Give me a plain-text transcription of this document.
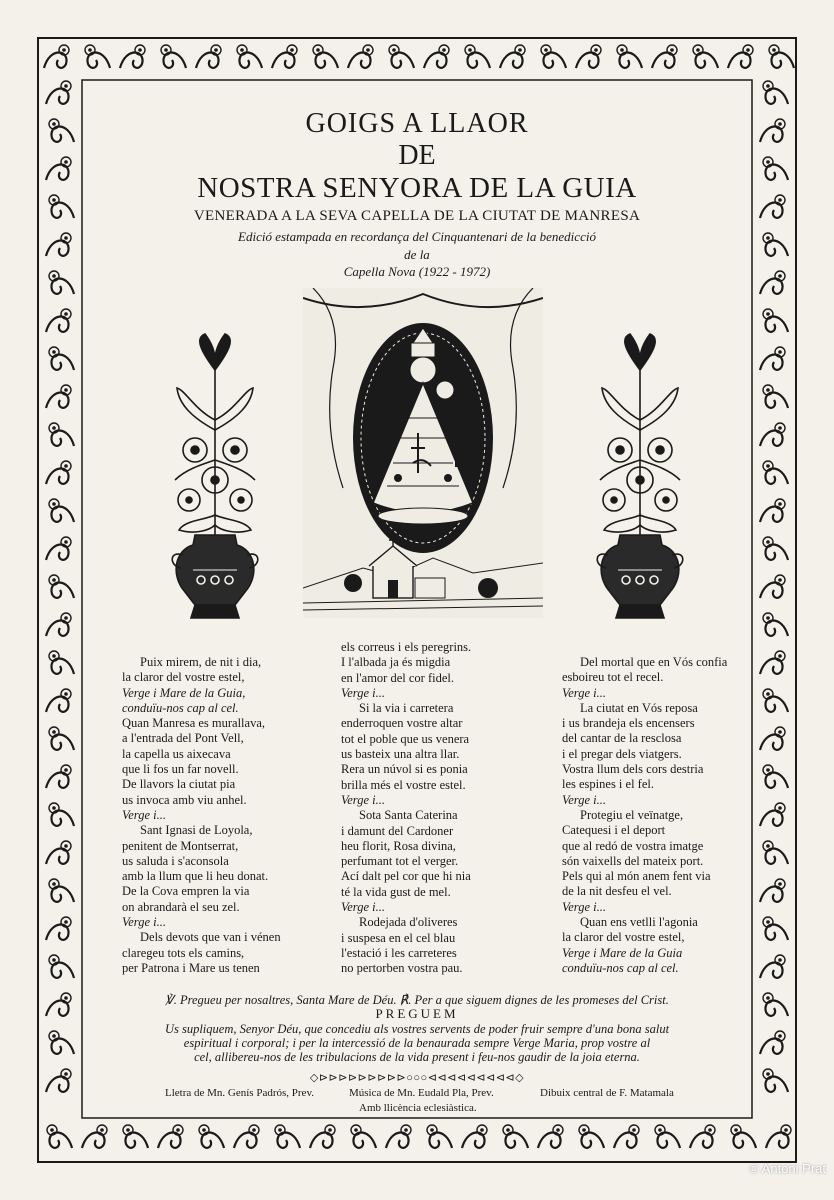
GOIGS A LLAOR
DE
NOSTRA SENYORA DE LA GUIA
VENERADA A LA SEVA CAPELLA DE LA CIUTAT DE MANRESA
Edició estampada en recordança del Cinquantenari de la benedicció
de la
Capella Nova (1922 - 1972)
Puix mirem, de nit i dia,
la claror del vostre estel,
Verge i Mare de la Guia,
conduïu-nos cap al cel.
Quan Manresa es murallava,
a l'entrada del Pont Vell,
la capella us aixecava
que li fos un far novell.
De llavors la ciutat pia
us invoca amb viu anhel.
Verge i...
Sant Ignasi de Loyola,
penitent de Montserrat,
us saluda i s'aconsola
amb la llum que li heu donat.
De la Cova empren la via
on abrandarà el seu zel.
Verge i...
Dels devots que van i vénen
claregeu tots els camins,
per Patrona i Mare us tenen
els correus i els peregrins.
I l'albada ja és migdia
en l'amor del cor fidel.
Verge i...
Si la via i carretera
enderroquen vostre altar
tot el poble que us venera
us basteix una altra llar.
Rera un núvol si es ponia
brilla més el vostre estel.
Verge i...
Sota Santa Caterina
i damunt del Cardoner
heu florit, Rosa divina,
perfumant tot el verger.
Ací dalt pel cor que hi nia
té la vida gust de mel.
Verge i...
Rodejada d'oliveres
i suspesa en el cel blau
l'estació i les carreteres
no pertorben vostra pau.
Del mortal que en Vós confia
esboireu tot el recel.
Verge i...
La ciutat en Vós reposa
i us brandeja els encensers
del cantar de la resclosa
i el pregar dels viatgers.
Vostra llum dels cors destria
les espines i el fel.
Verge i...
Protegiu el veïnatge,
Catequesi i el deport
que al redó de vostra imatge
són vaixells del mateix port.
Pels qui al món anem fent via
de la nit desfeu el vel.
Verge i...
Quan ens vetlli l'agonia
la claror del vostre estel,
Verge i Mare de la Guia
conduïu-nos cap al cel.
℣. Pregueu per nosaltres, Santa Mare de Déu. ℟. Per a que siguem dignes de les promeses del Crist.
PREGUEM
Us supliquem, Senyor Déu, que concediu als vostres servents de poder fruir sempre d'una bona salut
espiritual i corporal; i per la intercessió de la benaurada sempre Verge Maria, prop vostre al
cel, allibereu-nos de les tribulacions de la vida present i feu-nos gaudir de la joia eterna.
◇⊳⊳⊳⊳⊳⊳⊳⊳⊳○○○⊲⊲⊲⊲⊲⊲⊲⊲⊲◇
Lletra de Mn. Genís Padrós, Prev.	Música de Mn. Eudald Pla, Prev.	Dibuix central de F. Matamala
Amb llicència eclesiàstica.
© Antoni Prat
